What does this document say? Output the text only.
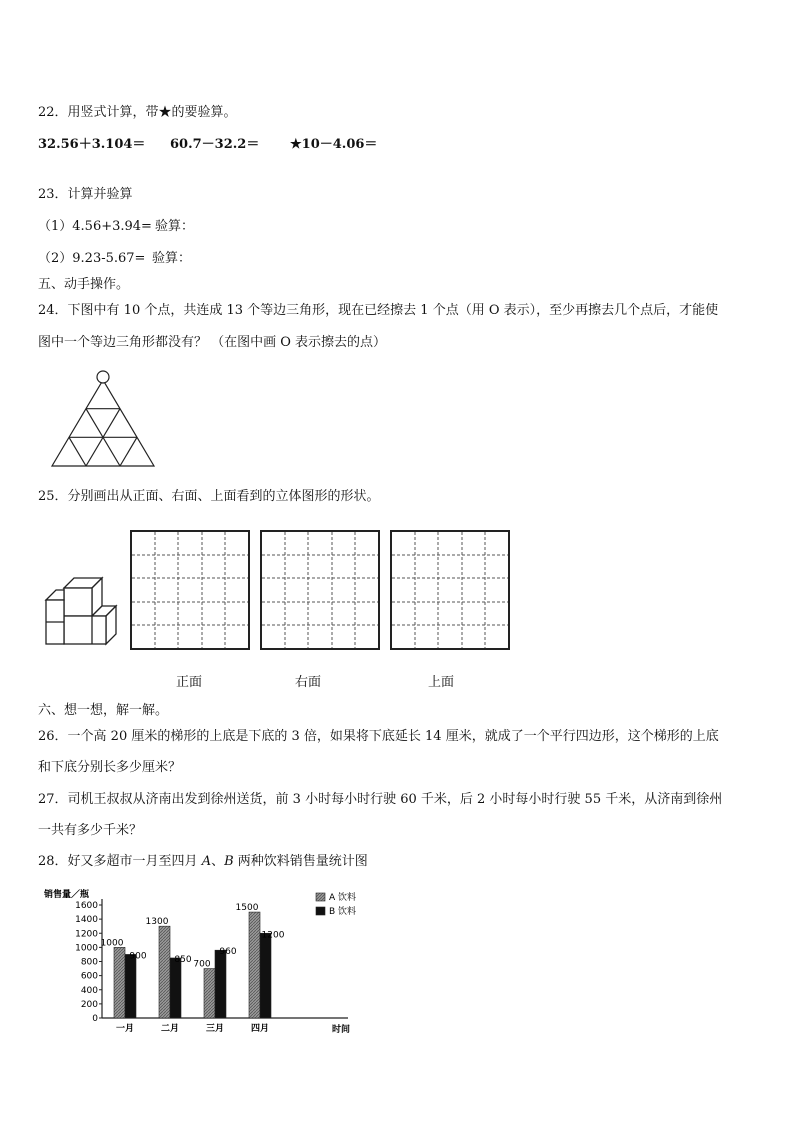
22．用竖式计算，带★的要验算。
32.56＋3.104＝ 60.7－32.2＝ ★10－4.06＝
23．计算并验算
（1）4.56+3.94= 验算：
（2）9.23-5.67= 验算：
五、动手操作。
24．下图中有 10 个点，共连成 13 个等边三角形，现在已经擦去 1 个点（用 O 表示），至少再擦去几个点后，才能使
图中一个等边三角形都没有？ （在图中画 O 表示擦去的点）
25．分别画出从正面、右面、上面看到的立体图形的形状。
正面	右面	上面
六、想一想，解一解。
26．一个高 20 厘米的梯形的上底是下底的 3 倍，如果将下底延长 14 厘米，就成了一个平行四边形，这个梯形的上底
和下底分别长多少厘米？
27．司机王叔叔从济南出发到徐州送货，前 3 小时每小时行驶 60 千米，后 2 小时每小时行驶 55 千米，从济南到徐州
一共有多少千米？
28．好又多超市一月至四月 A、B 两种饮料销售量统计图
销售量／瓶
时间
0
200
400
600
800
1000
1200
1400
1600
1000
900
一月
1300
850
二月
700
960
三月
1500
1200
四月
A 饮料
B 饮料
